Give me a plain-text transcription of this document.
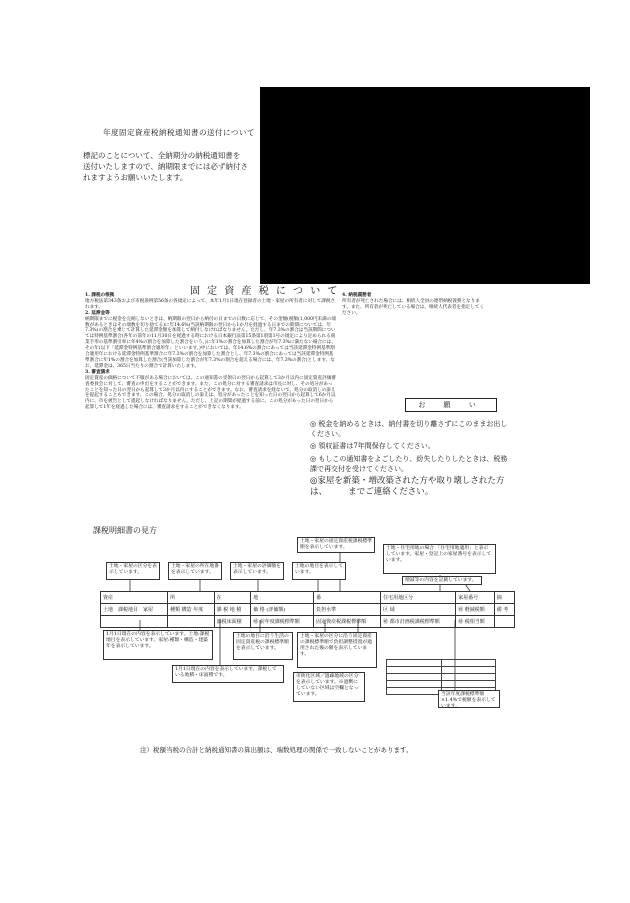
年度固定資産税納税通知書の送付について

標記のことについて、全納期分の納税通知書を

送付いたしますので、納期限までには必ず納付さ

れますようお願いいたします。

固 定 資 産 税 に つ い て

1. 課税の根拠

地方税法第343条および市税条例第56条の各規定によって、本年1月1日現在登録者の土地・家屋の所有者に対して課税されます。

2. 延滞金等

納期限までに税金を完納しないときは、納期限の翌日から納付の日までの日数に応じて、その金額(税額(1,000円未満の端数があるときはその端数を切り捨てる)に年14.6%(当該納期限の翌日から1か月を経過する日までの期間については、年7.3%)の割合を乗じて計算した延滞金額を加算して納付しなければなりません。ただし、年7.3%の割合は当該期間については特例基準割合(各年の前年の11月30日を経過する時における日本銀行法第15条第1項第1号の規定により定められる商業手形の基準割引率に年4%の割合を加算した割合をいう。)に年1%の割合を加算した割合が年7.3%に満たない場合には、その年(以下「延滞金特例基準割合適用年」といいます。)中においては、年14.6%の割合にあっては当該延滞金特例基準割合適用年における延滞金特例基準割合に年7.3%の割合を加算した割合とし、年7.3%の割合にあっては当該延滞金特例基準割合に年1%の割合を加算した割合(当該加算した割合が年7.3%の割合を超える場合には、年7.3%の割合)とします。なお、延滞金は、365日当たりの割合で計算いたします。

3. 審査請求

固定資産の価格について不服がある場合においては、この通知書の受領日の翌日から起算して3か月以内に固定資産評価審査委員会に対して、審査の申出をすることができます。また、この処分に対する審査請求は市長に対し、その処分があったことを知った日の翌日から起算して3か月以内にすることができます。なお、審査請求を経ないで、処分の取消しの訴えを提起することもできます。この場合、処分の取消しの訴えは、処分があったことを知った日の翌日から起算して6か月以内に、市を被告として提起しなければなりません。ただし、上記の期間が経過する前に、この処分があった日の翌日から起算して1年を経過した場合には、審査請求をすることができなくなります。

4. 納税義務者

所有者が死亡された場合には、相続人全員の連帯納税義務となります。また、所有者が死亡している場合は、相続人代表者を指定してください。

お 願 い
◎ 税金を納めるときは、納付書を切り離さずにこのままお出しください。
◎ 領収証書は7年間保存してください。
◎ もしこの通知書をよごしたり、紛失したりしたときは、税務課で再交付を受けてください。
◎家屋を新築・増改築された方や取り壊しされた方は、　　　までご連絡ください。
課税明細書の見方
土地・家屋の固定資産税課税標準額を表示しています。
土地・家屋の区分を表示しています。
土地・家屋の所在地番を表示しています。
土地・家屋の評価額を表示しています。
土地の地目を表示しています。
土地・住宅用地の場合 「住宅用地適用」と表示しています。家屋・登記上の家屋番号を表示しています。
増減等の内容を記載しています。
資産	所	在	地	番	住宅用地区分	家屋番号	摘
土地　課税地目　家屋	種類 構造 年度	課 税 地 積	価 格 (評価額)	負担水準	区 域	㊙ 軽減税額	備 考
		課税床面積	㊙ 前年度課税標準額	固定資産税課税標準額	㊙ 都市計画税課税標準額	㊙ 税相当額	
1月1日現在の内容を表示しています。土地:課税地目を表示しています。家屋:種類・構造・建築年を表示しています。
土地の地目に沿う生活の固定資産税の課税標準額を表示しています。
土地・家屋の区分に沿う固定資産の課税標準額で負担調整措置が適用された後の額を表示しています。
1月1日現在の内容を表示しています。課税している地積・床面積です。	市街化区域／過疎地域の区分を表示しています。※過剰にしていない区域は空欄となっています。

		当該年度課税標準額×1.4%で税額を表示しています。
注）税額当税の合計と納税通知書の算出額は、端数処理の関係で一致しないことがあります。
